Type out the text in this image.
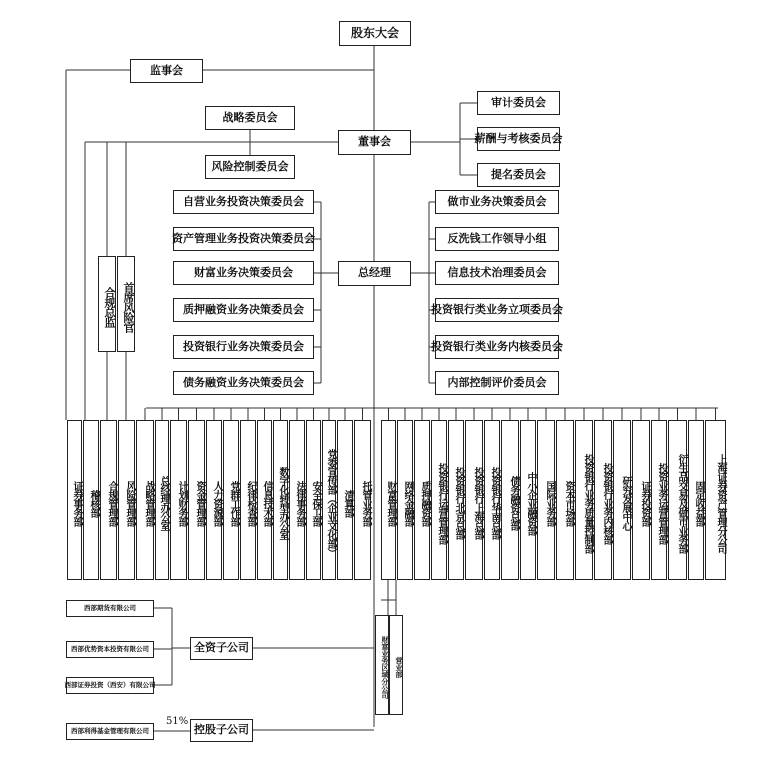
股东大会
监事会
董事会
总经理
战略委员会
风险控制委员会
审计委员会
薪酬与考核委员会
提名委员会
自营业务投资决策委员会
资产管理业务投资决策委员会
财富业务决策委员会
质押融资业务决策委员会
投资银行业务决策委员会
债务融资业务决策委员会
做市业务决策委员会
反洗钱工作领导小组
信息技术治理委员会
投资银行类业务立项委员会
投资银行类业务内核委员会
内部控制评价委员会
合规总监 首席风险官
证券事务部 稽核部 合规管理部 风险管理部 战略管理部 总经理办公室 计划财务部 资金管理部 人力资源部 党群工作部 纪律检查部 信息技术部 数字化转型办公室 法律事务部 安全保卫部 党委宣传部（企业文化部） 清算部 托管业务部	财富管理部 网络金融部 质押融资部 投资银行运营管理部 投资银行北京总部 投资银行上海总部 投资银行华南总部 债务融资总部 中小企业融资部 国际业务部 资本市场部 投资银行业务质量控制部 投资银行业务内核部 研究发展中心 证券投资部 投资业务运营管理部 衍生品交易及做市业务部 固定收益部	上海证券资产管理分公司
财富业务区域分公司 营业部
西部期货有限公司
西部优势资本投资有限公司
西部证券投资（西安）有限公司
全资子公司
西部利得基金管理有限公司	控股子公司
51%
